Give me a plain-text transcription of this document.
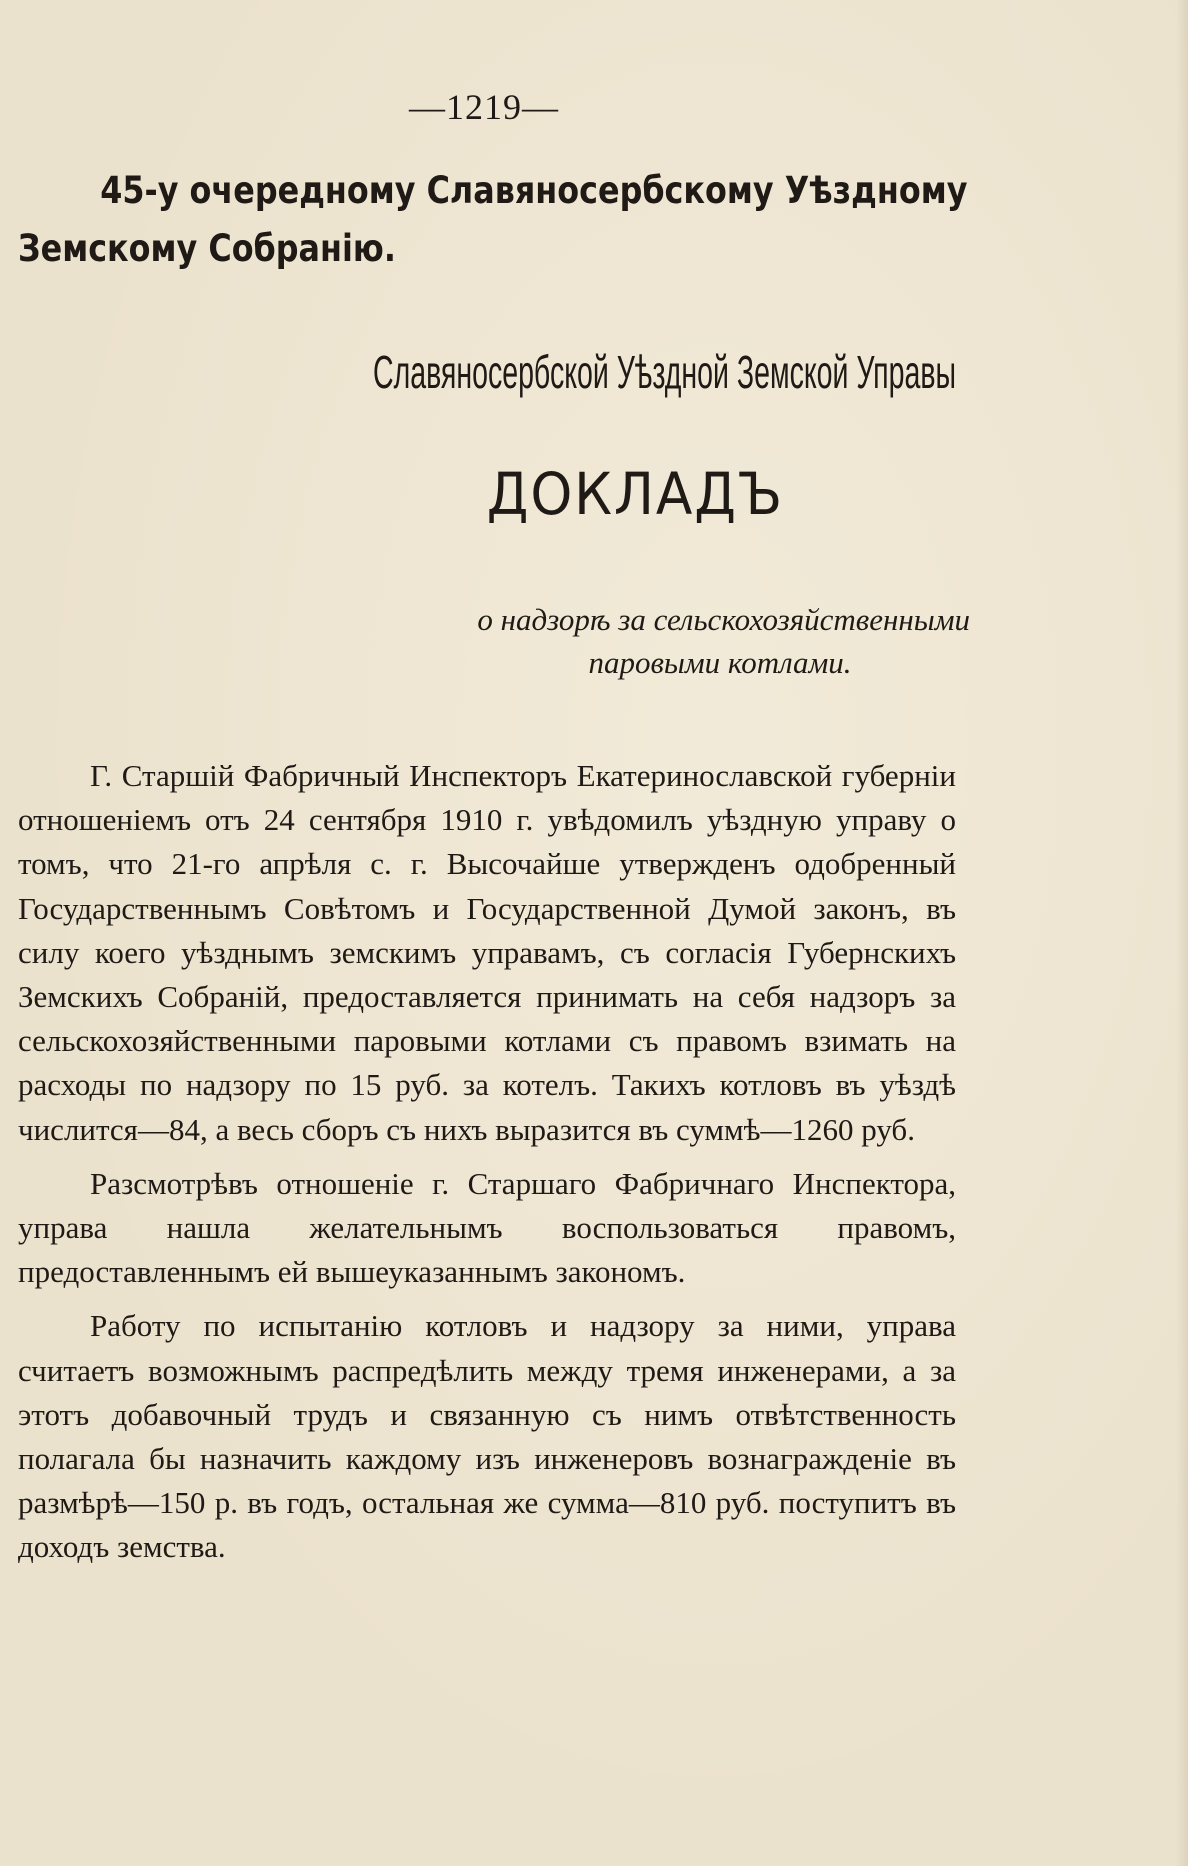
—1219—
45-у очередному Славяносербскому Уѣздному
Земскому Собранію.
Славяносербской Уѣздной Земской Управы
ДОКЛАДЪ
о надзорѣ за сельскохозяйственными
паровыми котлами.

Г. Старшій Фабричный Инспекторъ Екатеринославской губерніи отношеніемъ отъ 24 сентября 1910 г. увѣдомилъ уѣздную управу о томъ, что 21-го апрѣля с. г. Высочайше утвержденъ одобренный Государственнымъ Совѣтомъ и Государственной Думой законъ, въ силу коего уѣзднымъ земскимъ управамъ, съ согласія Губернскихъ Земскихъ Собраній, предоставляется принимать на себя надзоръ за сельскохозяйственными паровыми котлами съ правомъ взимать на расходы по надзору по 15 руб. за котелъ. Такихъ котловъ въ уѣздѣ числится—84, а весь сборъ съ нихъ выразится въ суммѣ—1260 руб.

Разсмотрѣвъ отношеніе г. Старшаго Фабричнаго Инспектора, управа нашла желательнымъ воспользоваться правомъ, предоставленнымъ ей вышеуказаннымъ закономъ.

Работу по испытанію котловъ и надзору за ними, управа считаетъ возможнымъ распредѣлить между тремя инженерами, а за этотъ добавочный трудъ и связанную съ нимъ отвѣтственность полагала бы назначить каждому изъ инженеровъ вознагражденіе въ размѣрѣ—150 р. въ годъ, остальная же сумма—810 руб. поступитъ въ доходъ земства.
